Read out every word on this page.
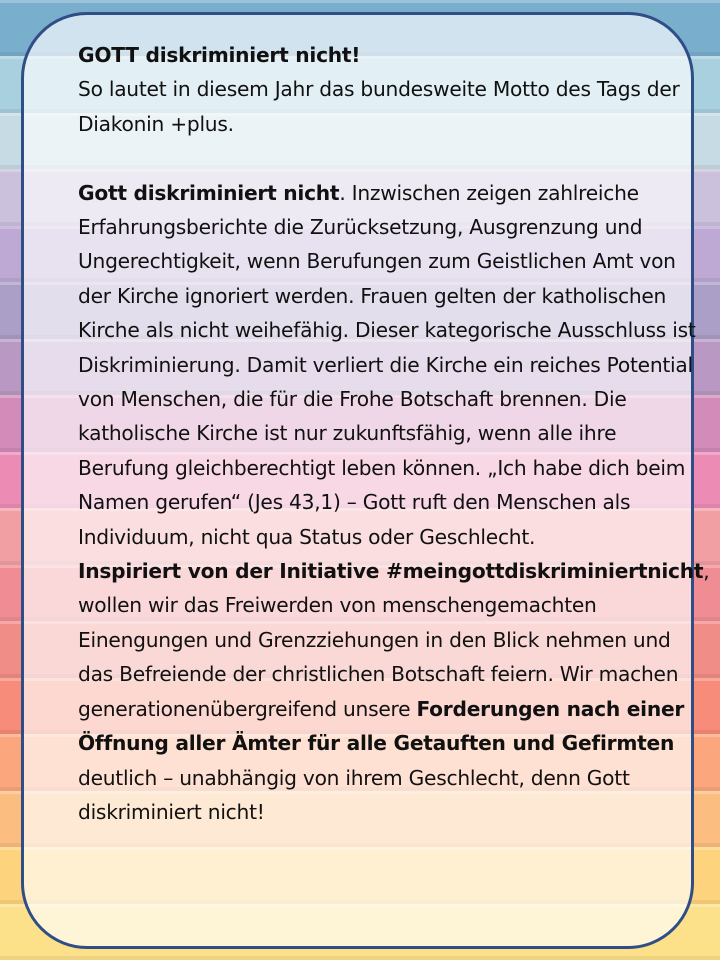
GOTT diskriminiert nicht!
So lautet in diesem Jahr das bundesweite Motto des Tags der Diakonin +plus.

Gott diskriminiert nicht. Inzwischen zeigen zahlreiche Erfahrungsberichte die Zurücksetzung, Ausgrenzung und Ungerechtigkeit, wenn Berufungen zum Geistlichen Amt von der Kirche ignoriert werden. Frauen gelten der katholischen Kirche als nicht weihefähig. Dieser kategorische Ausschluss ist Diskriminierung. Damit verliert die Kirche ein reiches Potential von Menschen, die für die Frohe Botschaft brennen. Die katholische Kirche ist nur zukunftsfähig, wenn alle ihre Berufung gleichberechtigt leben können. „Ich habe dich beim Namen gerufen“ (Jes 43,1) – Gott ruft den Menschen als Individuum, nicht qua Status oder Geschlecht.

Inspiriert von der Initiative #meingottdiskriminiertnicht, wollen wir das Freiwerden von menschengemachten Einengungen und Grenzziehungen in den Blick nehmen und das Befreiende der christlichen Botschaft feiern. Wir machen generationenübergreifend unsere Forderungen nach einer Öffnung aller Ämter für alle Getauften und Gefirmten deutlich – unabhängig von ihrem Geschlecht, denn Gott diskriminiert nicht!
